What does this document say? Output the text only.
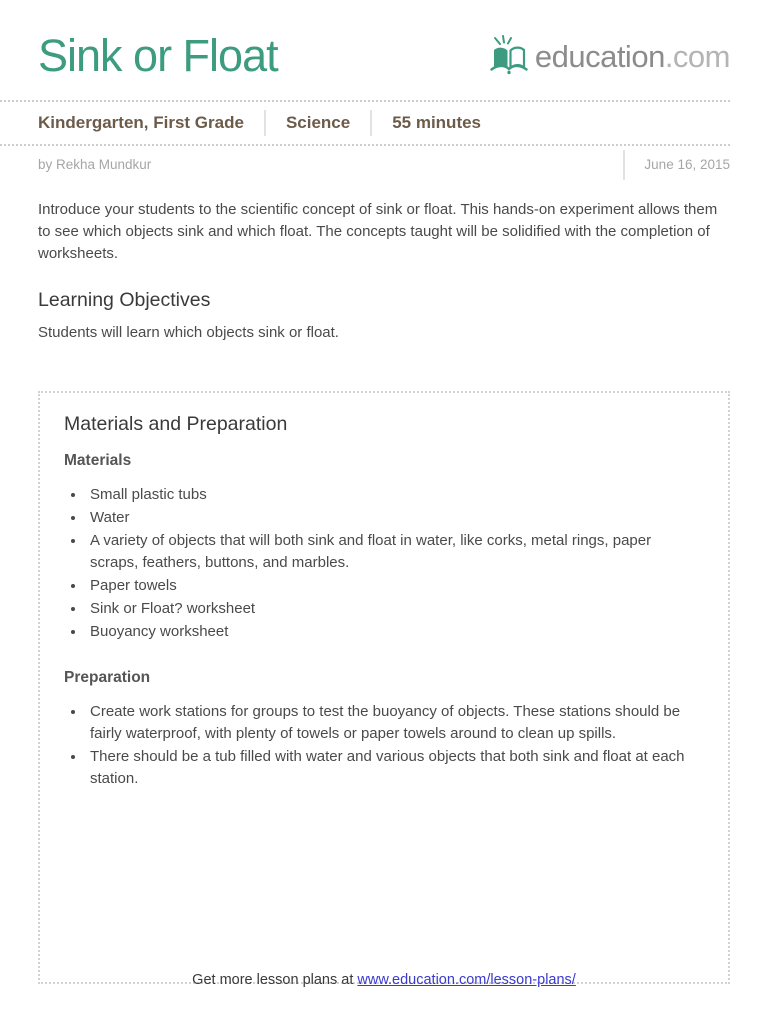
Sink or Float	education.com
Kindergarten, First Grade Science 55 minutes
by Rekha Mundkur	June 16, 2015

Introduce your students to the scientific concept of sink or float. This hands-on experiment allows them to see which objects sink and which float. The concepts taught will be solidified with the completion of worksheets.

Learning Objectives

Students will learn which objects sink or float.

Materials and Preparation
Materials
• Small plastic tubs
• Water
• A variety of objects that will both sink and float in water, like corks, metal rings, paper scraps, feathers, buttons, and marbles.
• Paper towels
• Sink or Float? worksheet
• Buoyancy worksheet
Preparation
• Create work stations for groups to test the buoyancy of objects. These stations should be fairly waterproof, with plenty of towels or paper towels around to clean up spills.
• There should be a tub filled with water and various objects that both sink and float at each station.
Get more lesson plans at www.education.com/lesson-plans/
